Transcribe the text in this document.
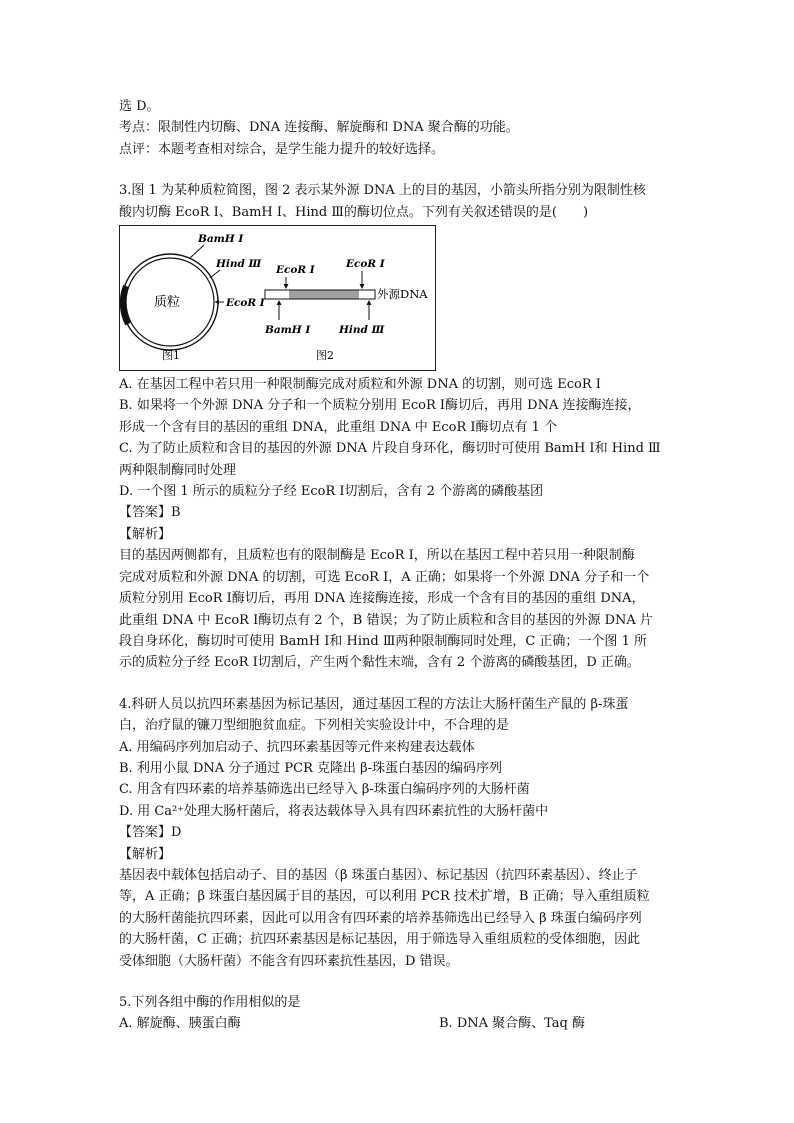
选 D。
考点：限制性内切酶、DNA 连接酶、解旋酶和 DNA 聚合酶的功能。
点评：本题考查相对综合，是学生能力提升的较好选择。
3.图 1 为某种质粒简图，图 2 表示某外源 DNA 上的目的基因，小箭头所指分别为限制性核
酸内切酶 EcoR Ⅰ、BamH Ⅰ、Hind Ⅲ的酶切位点。下列有关叙述错误的是(　　)
质粒
BamH Ⅰ
Hind Ⅲ
EcoR Ⅰ
EcoR Ⅰ	EcoR Ⅰ
外源DNA
BamH Ⅰ	Hind Ⅲ
图1	图2
A. 在基因工程中若只用一种限制酶完成对质粒和外源 DNA 的切割，则可选 EcoR Ⅰ
B. 如果将一个外源 DNA 分子和一个质粒分别用 EcoR Ⅰ酶切后，再用 DNA 连接酶连接，
形成一个含有目的基因的重组 DNA，此重组 DNA 中 EcoR Ⅰ酶切点有 1 个
C. 为了防止质粒和含目的基因的外源 DNA 片段自身环化，酶切时可使用 BamH Ⅰ和 Hind Ⅲ
两种限制酶同时处理
D. 一个图 1 所示的质粒分子经 EcoR Ⅰ切割后，含有 2 个游离的磷酸基团
【答案】B
【解析】
目的基因两侧都有，且质粒也有的限制酶是 EcoR Ⅰ，所以在基因工程中若只用一种限制酶
完成对质粒和外源 DNA 的切割，可选 EcoR Ⅰ，A 正确；如果将一个外源 DNA 分子和一个
质粒分别用 EcoR Ⅰ酶切后，再用 DNA 连接酶连接，形成一个含有目的基因的重组 DNA，
此重组 DNA 中 EcoR Ⅰ酶切点有 2 个，B 错误；为了防止质粒和含目的基因的外源 DNA 片
段自身环化，酶切时可使用 BamH Ⅰ和 Hind Ⅲ两种限制酶同时处理，C 正确；一个图 1 所
示的质粒分子经 EcoR Ⅰ切割后，产生两个黏性末端，含有 2 个游离的磷酸基团，D 正确。
4.科研人员以抗四环素基因为标记基因，通过基因工程的方法让大肠杆菌生产鼠的 β-珠蛋
白，治疗鼠的镰刀型细胞贫血症。下列相关实验设计中，不合理的是
A. 用编码序列加启动子、抗四环素基因等元件来构建表达载体
B. 利用小鼠 DNA 分子通过 PCR 克隆出 β-珠蛋白基因的编码序列
C. 用含有四环素的培养基筛选出已经导入 β-珠蛋白编码序列的大肠杆菌
D. 用 Ca²⁺处理大肠杆菌后，将表达载体导入具有四环素抗性的大肠杆菌中
【答案】D
【解析】
基因表中载体包括启动子、目的基因（β 珠蛋白基因）、标记基因（抗四环素基因）、终止子
等，A 正确；β 珠蛋白基因属于目的基因，可以利用 PCR 技术扩增，B 正确；导入重组质粒
的大肠杆菌能抗四环素，因此可以用含有四环素的培养基筛选出已经导入 β 珠蛋白编码序列
的大肠杆菌，C 正确；抗四环素基因是标记基因，用于筛选导入重组质粒的受体细胞，因此
受体细胞（大肠杆菌）不能含有四环素抗性基因，D 错误。
5.下列各组中酶的作用相似的是
A. 解旋酶、胰蛋白酶	B. DNA 聚合酶、Taq 酶
